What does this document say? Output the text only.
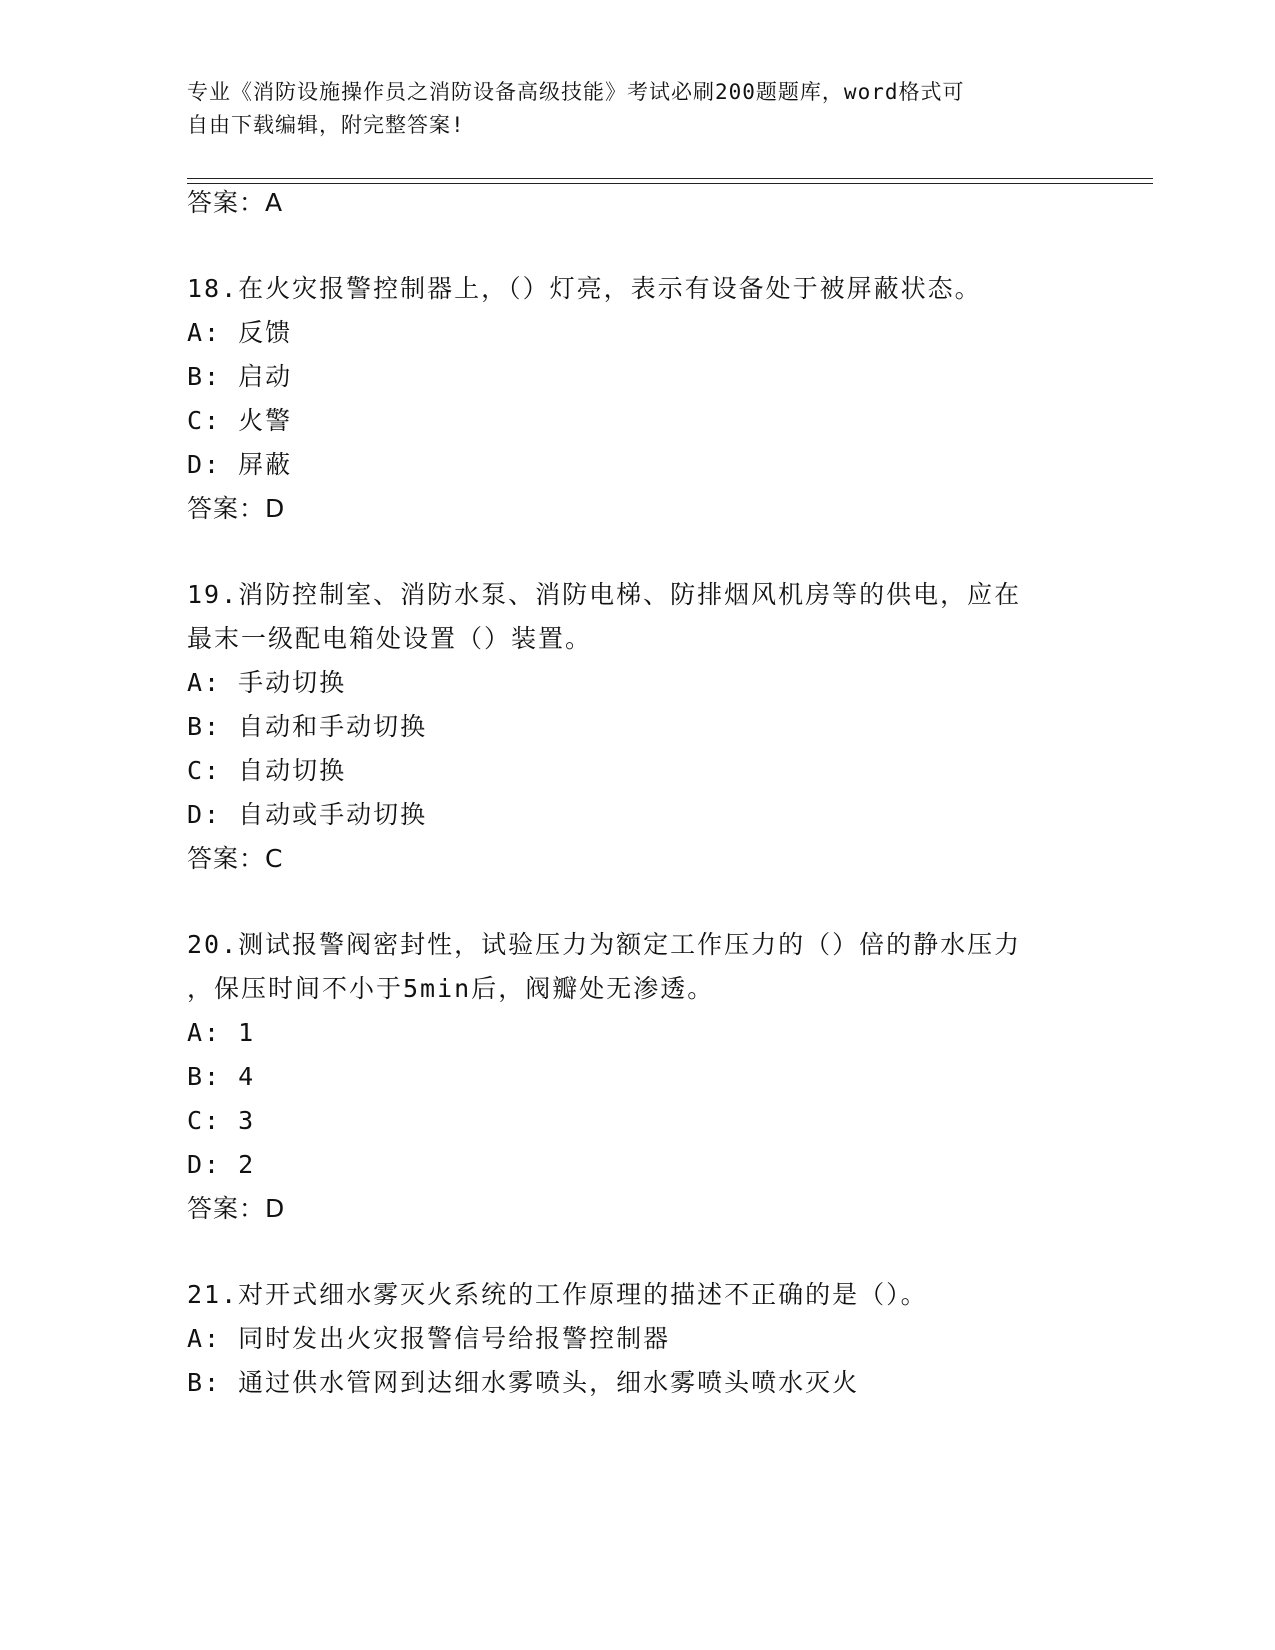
专业《消防设施操作员之消防设备高级技能》考试必刷200题题库，word格式可
自由下载编辑，附完整答案!
答案：A
18.在火灾报警控制器上，（）灯亮，表示有设备处于被屏蔽状态。
A: 反馈
B: 启动
C: 火警
D: 屏蔽
答案：D
19.消防控制室、消防水泵、消防电梯、防排烟风机房等的供电，应在
最末一级配电箱处设置（）装置。
A: 手动切换
B: 自动和手动切换
C: 自动切换
D: 自动或手动切换
答案：C
20.测试报警阀密封性，试验压力为额定工作压力的（）倍的静水压力
，保压时间不小于5min后，阀瓣处无渗透。
A: 1
B: 4
C: 3
D: 2
答案：D
21.对开式细水雾灭火系统的工作原理的描述不正确的是（）。
A: 同时发出火灾报警信号给报警控制器
B: 通过供水管网到达细水雾喷头，细水雾喷头喷水灭火
